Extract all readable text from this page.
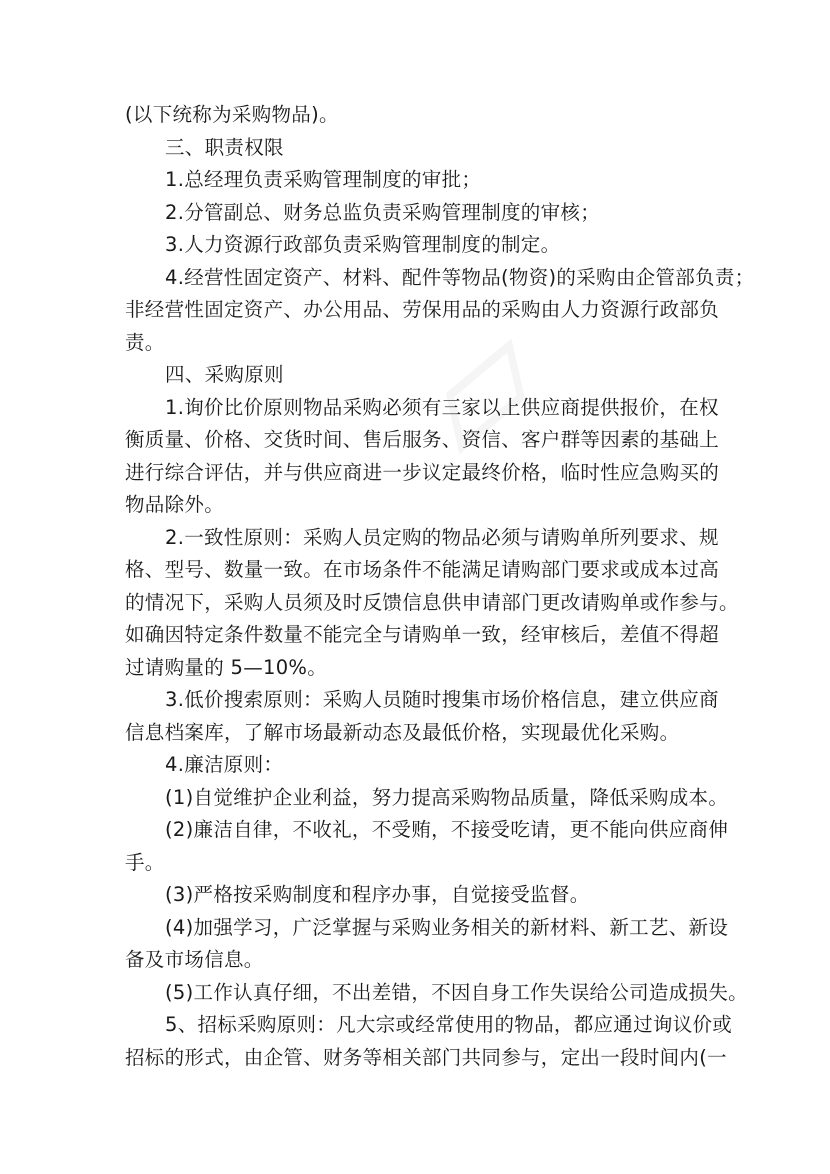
(以下统称为采购物品)。
三、职责权限
1.总经理负责采购管理制度的审批；
2.分管副总、财务总监负责采购管理制度的审核；
3.人力资源行政部负责采购管理制度的制定。
4.经营性固定资产、材料、配件等物品(物资)的采购由企管部负责；
非经营性固定资产、办公用品、劳保用品的采购由人力资源行政部负
责。
四、采购原则
1.询价比价原则物品采购必须有三家以上供应商提供报价，在权
衡质量、价格、交货时间、售后服务、资信、客户群等因素的基础上
进行综合评估，并与供应商进一步议定最终价格，临时性应急购买的
物品除外。
2.一致性原则：采购人员定购的物品必须与请购单所列要求、规
格、型号、数量一致。在市场条件不能满足请购部门要求或成本过高
的情况下，采购人员须及时反馈信息供申请部门更改请购单或作参与。
如确因特定条件数量不能完全与请购单一致，经审核后，差值不得超
过请购量的 5—10%。
3.低价搜索原则：采购人员随时搜集市场价格信息，建立供应商
信息档案库，了解市场最新动态及最低价格，实现最优化采购。
4.廉洁原则：
(1)自觉维护企业利益，努力提高采购物品质量，降低采购成本。
(2)廉洁自律，不收礼，不受贿，不接受吃请，更不能向供应商伸
手。
(3)严格按采购制度和程序办事，自觉接受监督。
(4)加强学习，广泛掌握与采购业务相关的新材料、新工艺、新设
备及市场信息。
(5)工作认真仔细，不出差错，不因自身工作失误给公司造成损失。
5、招标采购原则：凡大宗或经常使用的物品，都应通过询议价或
招标的形式，由企管、财务等相关部门共同参与，定出一段时间内(一
